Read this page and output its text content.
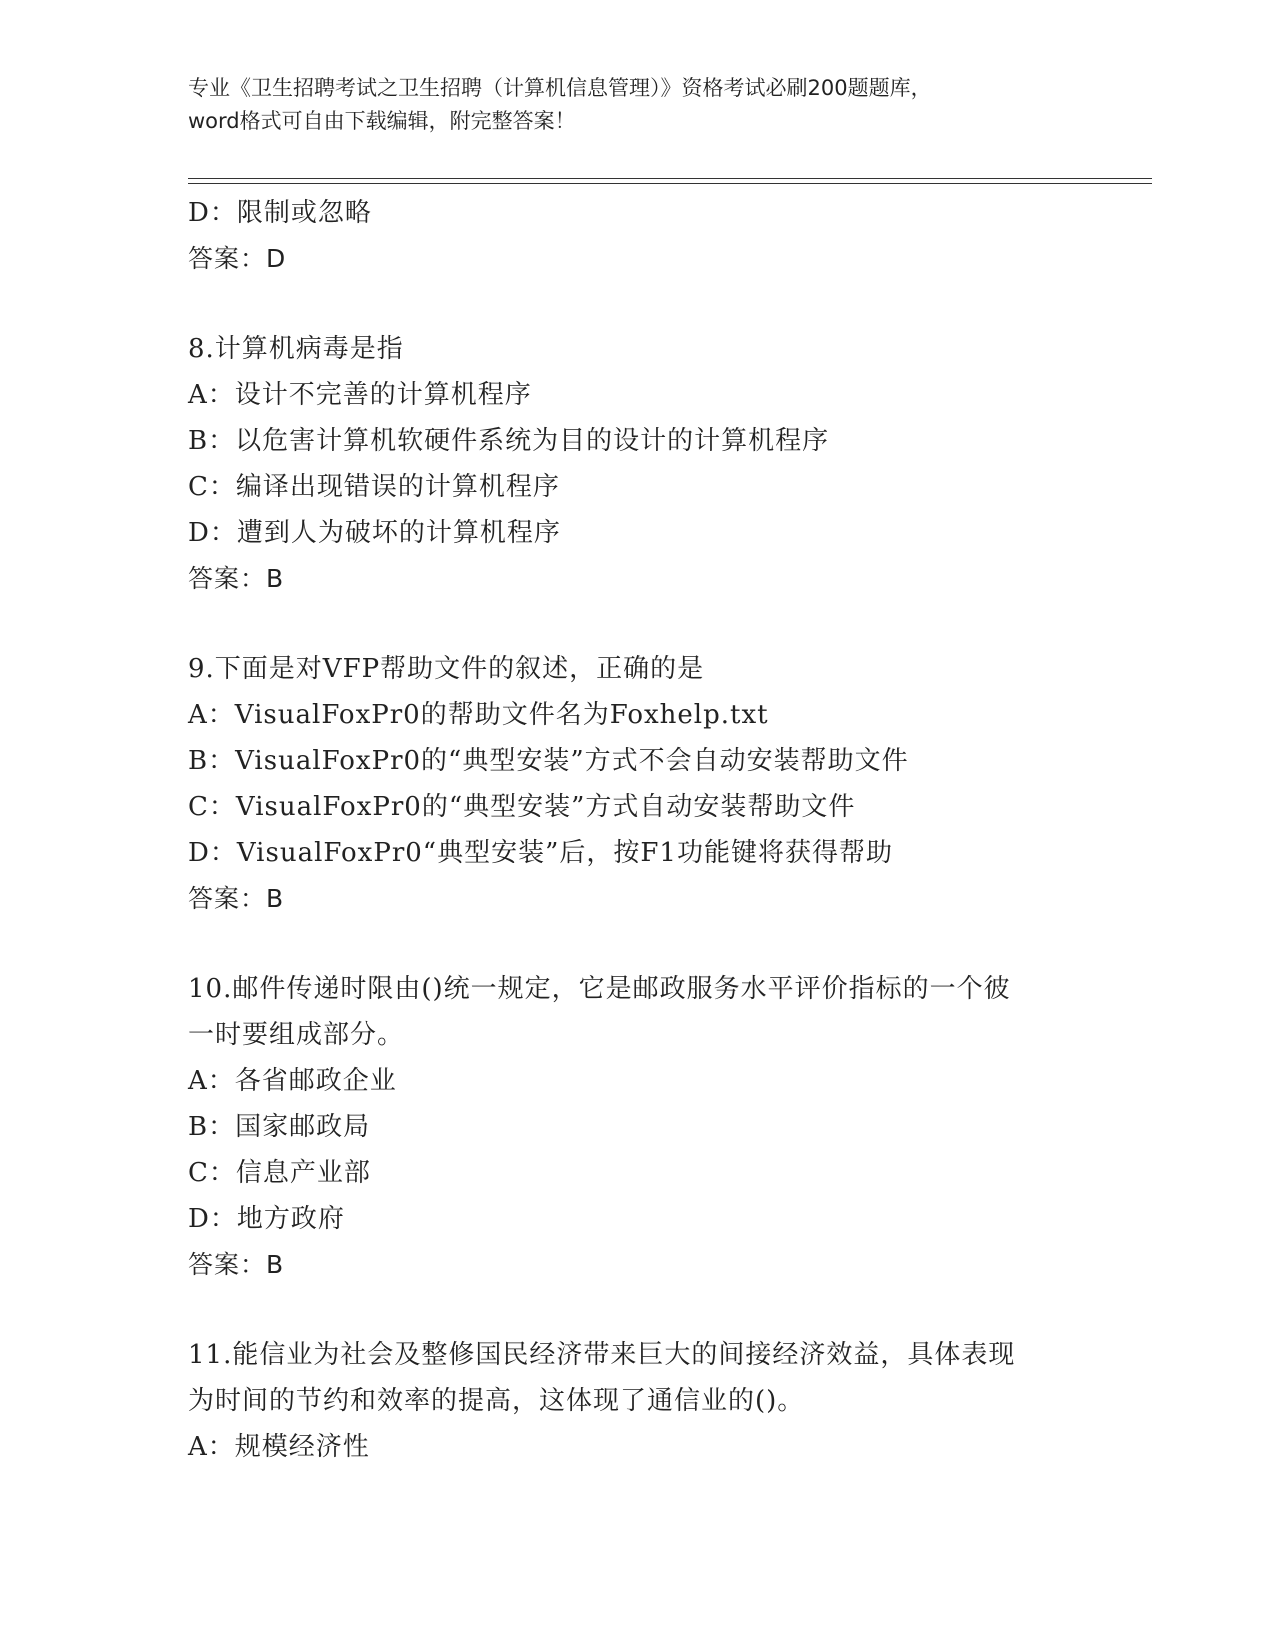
专业《卫生招聘考试之卫生招聘（计算机信息管理）》资格考试必刷200题题库，
word格式可自由下载编辑，附完整答案！
D：限制或忽略
答案：D
8.计算机病毒是指
A：设计不完善的计算机程序
B：以危害计算机软硬件系统为目的设计的计算机程序
C：编译出现错误的计算机程序
D：遭到人为破坏的计算机程序
答案：B
9.下面是对VFP帮助文件的叙述，正确的是
A：VisualFoxPr0的帮助文件名为Foxhelp.txt
B：VisualFoxPr0的“典型安装”方式不会自动安装帮助文件
C：VisualFoxPr0的“典型安装”方式自动安装帮助文件
D：VisualFoxPr0“典型安装”后，按F1功能键将获得帮助
答案：B
10.邮件传递时限由()统一规定，它是邮政服务水平评价指标的一个彼
一时要组成部分。
A：各省邮政企业
B：国家邮政局
C：信息产业部
D：地方政府
答案：B
11.能信业为社会及整修国民经济带来巨大的间接经济效益，具体表现
为时间的节约和效率的提高，这体现了通信业的()。
A：规模经济性
